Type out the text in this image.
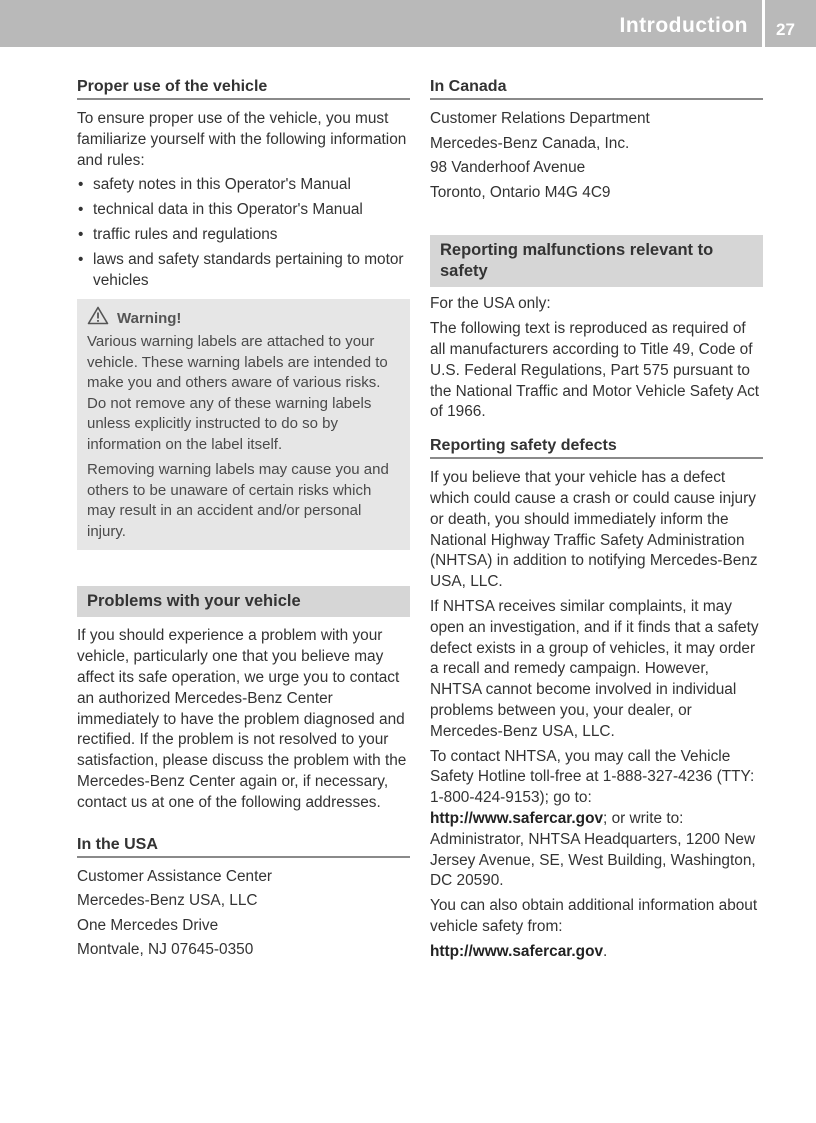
Introduction 27
Proper use of the vehicle

To ensure proper use of the vehicle, you must familiarize yourself with the following information and rules:

• safety notes in this Operator's Manual
• technical data in this Operator's Manual
• traffic rules and regulations
• laws and safety standards pertaining to motor vehicles
Warning!

Various warning labels are attached to your vehicle. These warning labels are intended to make you and others aware of various risks. Do not remove any of these warning labels unless explicitly instructed to do so by information on the label itself.

Removing warning labels may cause you and others to be unaware of certain risks which may result in an accident and/or personal injury.

Problems with your vehicle

If you should experience a problem with your vehicle, particularly one that you believe may affect its safe operation, we urge you to contact an authorized Mercedes-Benz Center immediately to have the problem diagnosed and rectified. If the problem is not resolved to your satisfaction, please discuss the problem with the Mercedes-Benz Center again or, if necessary, contact us at one of the following addresses.

In the USA
Customer Assistance Center
Mercedes-Benz USA, LLC
One Mercedes Drive
Montvale, NJ 07645-0350
In Canada
Customer Relations Department
Mercedes-Benz Canada, Inc.
98 Vanderhoof Avenue
Toronto, Ontario M4G 4C9
Reporting malfunctions relevant to safety

For the USA only:

The following text is reproduced as required of all manufacturers according to Title 49, Code of U.S. Federal Regulations, Part 575 pursuant to the National Traffic and Motor Vehicle Safety Act of 1966.

Reporting safety defects

If you believe that your vehicle has a defect which could cause a crash or could cause injury or death, you should immediately inform the National Highway Traffic Safety Administration (NHTSA) in addition to notifying Mercedes-Benz USA, LLC.

If NHTSA receives similar complaints, it may open an investigation, and if it finds that a safety defect exists in a group of vehicles, it may order a recall and remedy campaign. However, NHTSA cannot become involved in individual problems between you, your dealer, or Mercedes-Benz USA, LLC.

To contact NHTSA, you may call the Vehicle Safety Hotline toll-free at 1-888-327-4236 (TTY: 1-800-424-9153); go to: http://www.safercar.gov; or write to: Administrator, NHTSA Headquarters, 1200 New Jersey Avenue, SE, West Building, Washington, DC 20590.

You can also obtain additional information about vehicle safety from:

http://www.safercar.gov.
